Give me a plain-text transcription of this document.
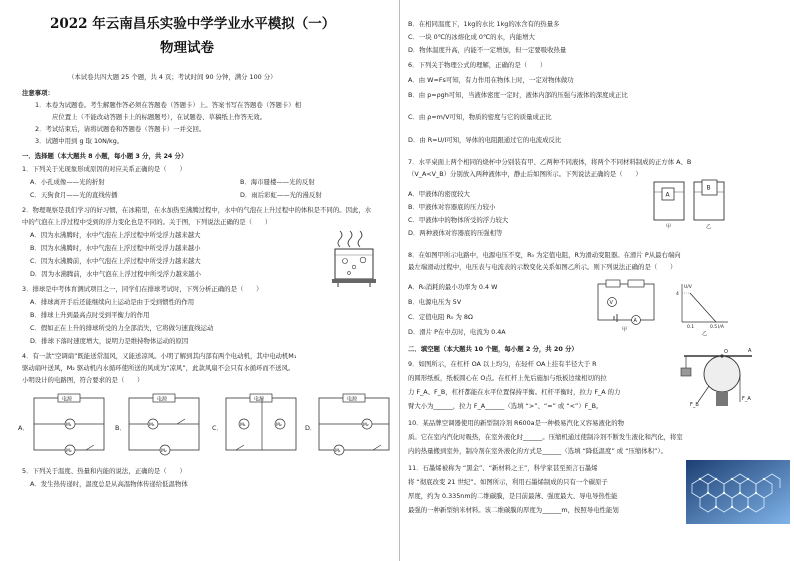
2022 年云南昌乐实验中学学业水平模拟（一）
物理试卷
（本试卷共四大题 25 个题，共 4 页；考试时间 90 分钟，满分 100 分）
注意事项：
1．本卷为试题卷。考生解题作答必须在答题卷（答题卡）上。答案书写在答题卷（答题卡）相
应位置上（不能改动答题卡上的标题题号），在试题卷、草稿纸上作答无效。
2．考试结束后，请将试题卷和答题卷（答题卡）一并交回。
3．试题中用到 g 取 10N/kg。
一．选择题（本大题共 8 小题，每小题 3 分，共 24 分）
1．下列关于光现象形成原因的对应关系正确的是（　　）
A．小孔成像——光的折射	B．海市蜃楼——光的反射
C．天狗食月——光的直线传播	D．雨后彩虹——光的漫反射
2．物理观察是我们学习的好习惯，在冰箱里，在水加热至沸腾过程中，水中的气泡在上升过程中的体积是不同的。因此，水
中的气泡在上浮过程中受到的浮力变化也是不同的。关于图，下列说法正确的是（　　）
A．因为水沸腾时，水中气泡在上浮过程中所受浮力越来越大
B．因为水沸腾时，水中气泡在上浮过程中所受浮力越来越小
C．因为水沸腾前，水中气泡在上浮过程中所受浮力越来越大
D．因为水沸腾前，水中气泡在上浮过程中所受浮力越来越小
3．排球是中考体育测试项目之一，同学们在排球考试时，下列分析正确的是（　　）
A．排球离开手后还能继续向上运动是由于受到惯性的作用
B．排球上升到最高点时受到平衡力的作用
C．假如正在上升的排球所受的力全部消失，它将做匀速直线运动
D．排球下落时速度增大，说明力是维持物体运动的原因
4．有一款“空调扇”既能送常温风，又能送凉风。小明了解到其内部有两个电动机，其中电动机M₁
驱动扇叶送风，M₂ 驱动机内水循环使所送的风成为“凉风”，此款风扇不会只有水循环而不送风。
小明设计的电路图，符合要求的是（　　）
A．
电源
M₁
M₂
B．
电源
M₁
M₂
C．
电源
M₁	M₂	D．
电源
M₁
M₂
5．下列关于温度、热量和内能的说法，正确的是（　　）
A．发生热传递时，温度总是从高温物体传递给低温物体
B．在相同温度下，1kg的水比 1kg的冰含有的热量多
C．一块 0℃的冰熔化成 0℃的水，内能增大
D．物体温度升高，内能不一定增加，但一定要吸收热量
6．下列关于物理公式的理解，正确的是（　　）
A．由 W=Fs可知，有力作用在物体上时，一定对物体做功
B．由 p=ρgh可知，当液体密度一定时，液体内部的压强与液体的深度成正比
C．由 ρ=m/V可知，物质的密度与它的质量成正比
D．由 R=U/I可知，导体的电阻跟通过它的电流成反比
7．水平桌面上两个相同的烧杯中分别装有甲、乙两种不同液体，将两个不同材料制成的正方体 A、B
（V_A<V_B）分别放入两种液体中，静止后如图所示。下列说法正确的是（　　）
A．甲液体的密度较大
B．甲液体对容器底的压力较小
C．甲液体中的物体所受的浮力较大
D．两种液体对容器底的压强相等
A
B
甲	乙
8．在如图甲所示电路中，电源电压不变，R₀ 为定值电阻，R为滑动变阻器。在滑片 P从最右端向
最左端滑动过程中，电压表与电流表的示数变化关系如图乙所示。则下列说法正确的是（　　）
A．R₀消耗的最小功率为 0.4 W
B．电源电压为 5V
C．定值电阻 R₀ 为 8Ω
D．滑片 P在中点时，电流为 0.4A
V
A
甲
U/V
I/A
4
0.1	0.5
乙
二．填空题（本大题共 10 个题，每小题 2 分，共 20 分）
9．如图所示，在杠杆 OA 以上均匀，在轻杆 OA上挂有半径大于 R
的圆形纸板，纸板圆心在 O点。在杠杆上先后施加与纸板边缘相切的拉
力 F_A、F_B，杠杆都能在水平位置保持平衡。杠杆平衡时，拉力 F_A 的力
臂大小为______，拉力 F_A______（选填 “>”、“=” 或 “<”）F_B。
O	A
F_A
F_B
10．某品牌空调器使用的新型制冷剂 R600a是一种极易汽化又容易液化的物
质。它在室内汽化时吸热，在室外液化时______。压缩机通过使制冷剂不断发生液化和汽化，将室
内的热量搬到室外，制冷剂在室外液化的方式是______（选填 “降低温度” 或 “压缩体积”）。
11．石墨烯被称为 “黑金”、“新材料之王”，科学家甚至预言石墨烯
将 “彻底改变 21 世纪”。如图所示，利用石墨烯制成的只有一个碳原子
厚度，约为 0.335nm的二维碳膜，是目前最薄、强度最大、导电导热性能
最强的一种新型纳米材料。该二维碳膜的厚度为______m，按照导电性能划
